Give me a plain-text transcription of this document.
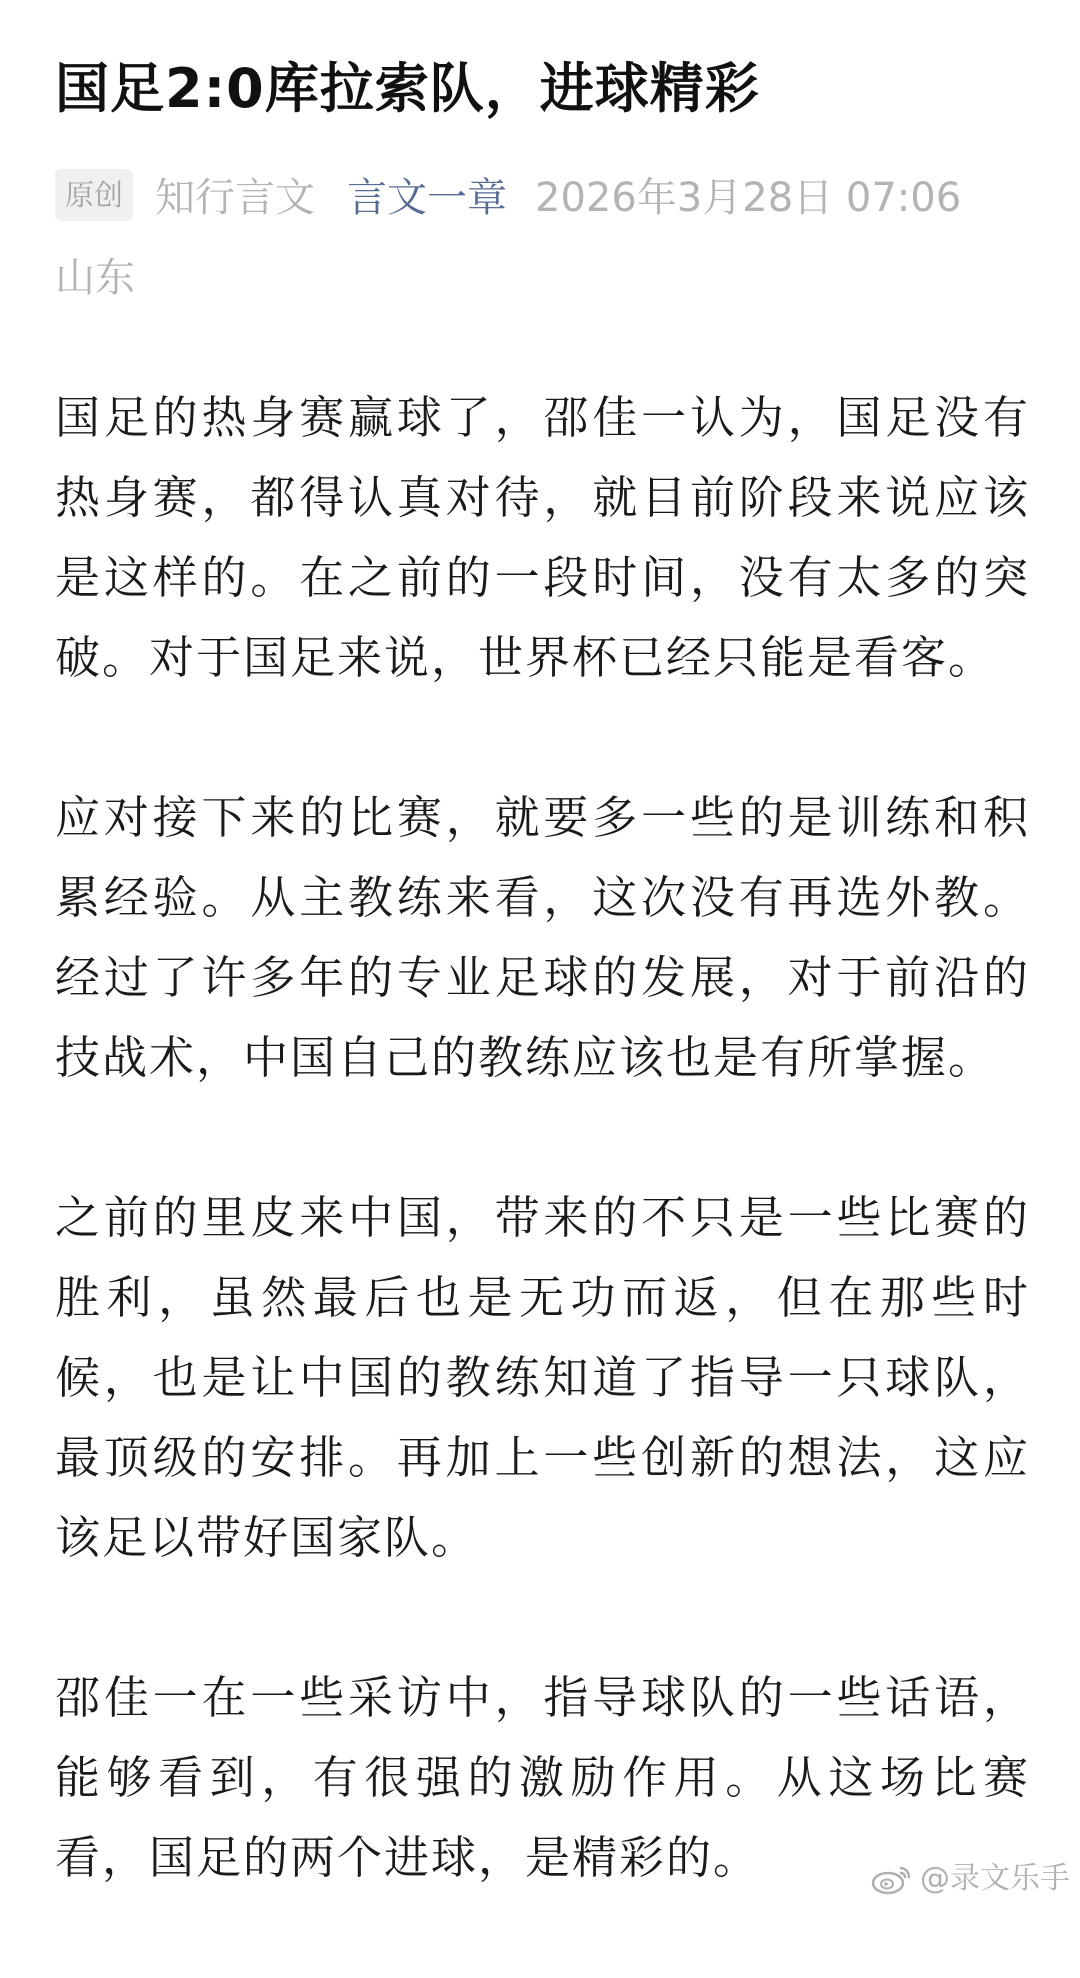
国足2:0库拉索队，进球精彩
原创 知行言文 言文一章 2026年3月28日 07:06
山东

国足的热身赛赢球了，邵佳一认为，国足没有热身赛，都得认真对待，就目前阶段来说应该是这样的。在之前的一段时间，没有太多的突破。对于国足来说，世界杯已经只能是看客。

应对接下来的比赛，就要多一些的是训练和积累经验。从主教练来看，这次没有再选外教。经过了许多年的专业足球的发展，对于前沿的技战术，中国自己的教练应该也是有所掌握。

之前的里皮来中国，带来的不只是一些比赛的胜利，虽然最后也是无功而返，但在那些时候，也是让中国的教练知道了指导一只球队，最顶级的安排。再加上一些创新的想法，这应该足以带好国家队。

邵佳一在一些采访中，指导球队的一些话语，能够看到，有很强的激励作用。从这场比赛看，国足的两个进球，是精彩的。	@录文乐手
